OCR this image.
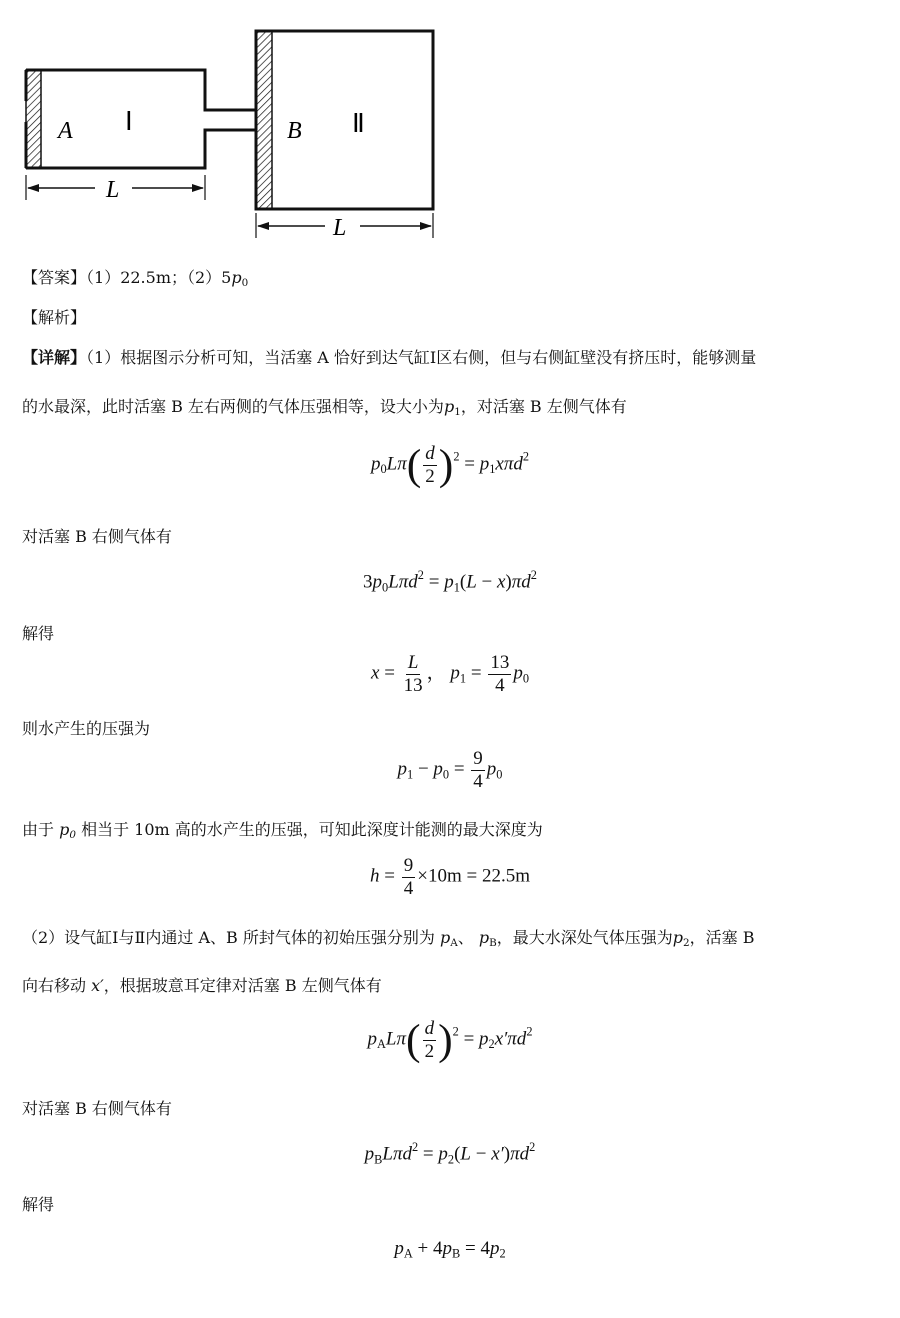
A Ⅰ	B Ⅱ
L
L
【答案】（1）22.5m；$(2)5p_0$
【解析】
【详解】（1）根据图示分析可知，当活塞 A 恰好到达气缸Ⅰ区右侧，但与右侧缸壁没有挤压时，能够测量
的水最深，此时活塞 B 左右两侧的气体压强相等，设大小为$p_1$，对活塞 B 左侧气体有
$p_0L\pi( \frac{d}{2} )^2 = p_1x\pi d^2$
对活塞 B 右侧气体有
$3p_0L\pi d^2 = p_1(L - x)\pi d^2$
解得
$x = \frac{L}{13}$ ， $p_1 = \frac{13}{4} p_0$
则水产生的压强为
$p_1 - p_0 = \frac{9}{4} p_0$
由于 $p_0$ 相当于 10m 高的水产生的压强，可知此深度计能测的最大深度为
$h = \frac{9}{4} \times 10m = 22.5m$
（2）设气缸Ⅰ与Ⅱ内通过 A、B 所封气体的初始压强分别为 $p_A$、 $p_B$，最大水深处气体压强为$p_2$，活塞 B
向右移动 x′，根据玻意耳定律对活塞 B 左侧气体有
$p_AL\pi( \frac{d}{2} )^2 = p_2x'\pi d^2$
对活塞 B 右侧气体有
$p_BL\pi d^2 = p_2(L - x')\pi d^2$
解得
$p_A + 4p_B = 4p_2$
